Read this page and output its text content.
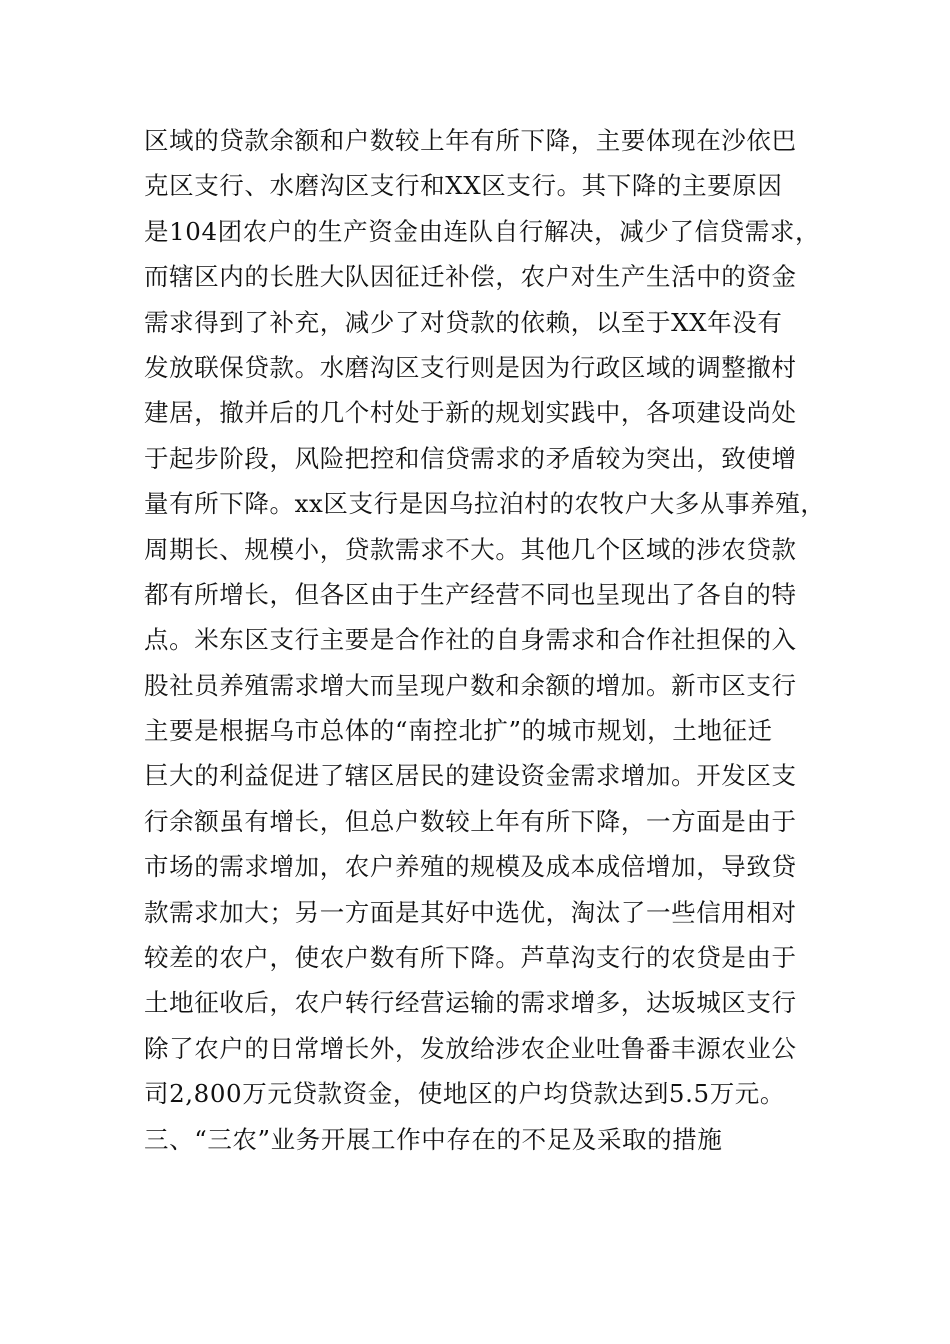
区域的贷款余额和户数较上年有所下降，主要体现在沙依巴
克区支行、水磨沟区支行和XX区支行。其下降的主要原因
是104团农户的生产资金由连队自行解决，减少了信贷需求，
而辖区内的长胜大队因征迁补偿，农户对生产生活中的资金
需求得到了补充，减少了对贷款的依赖，以至于XX年没有
发放联保贷款。水磨沟区支行则是因为行政区域的调整撤村
建居，撤并后的几个村处于新的规划实践中，各项建设尚处
于起步阶段，风险把控和信贷需求的矛盾较为突出，致使增
量有所下降。xx区支行是因乌拉泊村的农牧户大多从事养殖，
周期长、规模小，贷款需求不大。其他几个区域的涉农贷款
都有所增长，但各区由于生产经营不同也呈现出了各自的特
点。米东区支行主要是合作社的自身需求和合作社担保的入
股社员养殖需求增大而呈现户数和余额的增加。新市区支行
主要是根据乌市总体的“南控北扩”的城市规划，土地征迁
巨大的利益促进了辖区居民的建设资金需求增加。开发区支
行余额虽有增长，但总户数较上年有所下降，一方面是由于
市场的需求增加，农户养殖的规模及成本成倍增加，导致贷
款需求加大；另一方面是其好中选优，淘汰了一些信用相对
较差的农户，使农户数有所下降。芦草沟支行的农贷是由于
土地征收后，农户转行经营运输的需求增多，达坂城区支行
除了农户的日常增长外，发放给涉农企业吐鲁番丰源农业公
司2,800万元贷款资金，使地区的户均贷款达到5.5万元。
三、“三农”业务开展工作中存在的不足及采取的措施
